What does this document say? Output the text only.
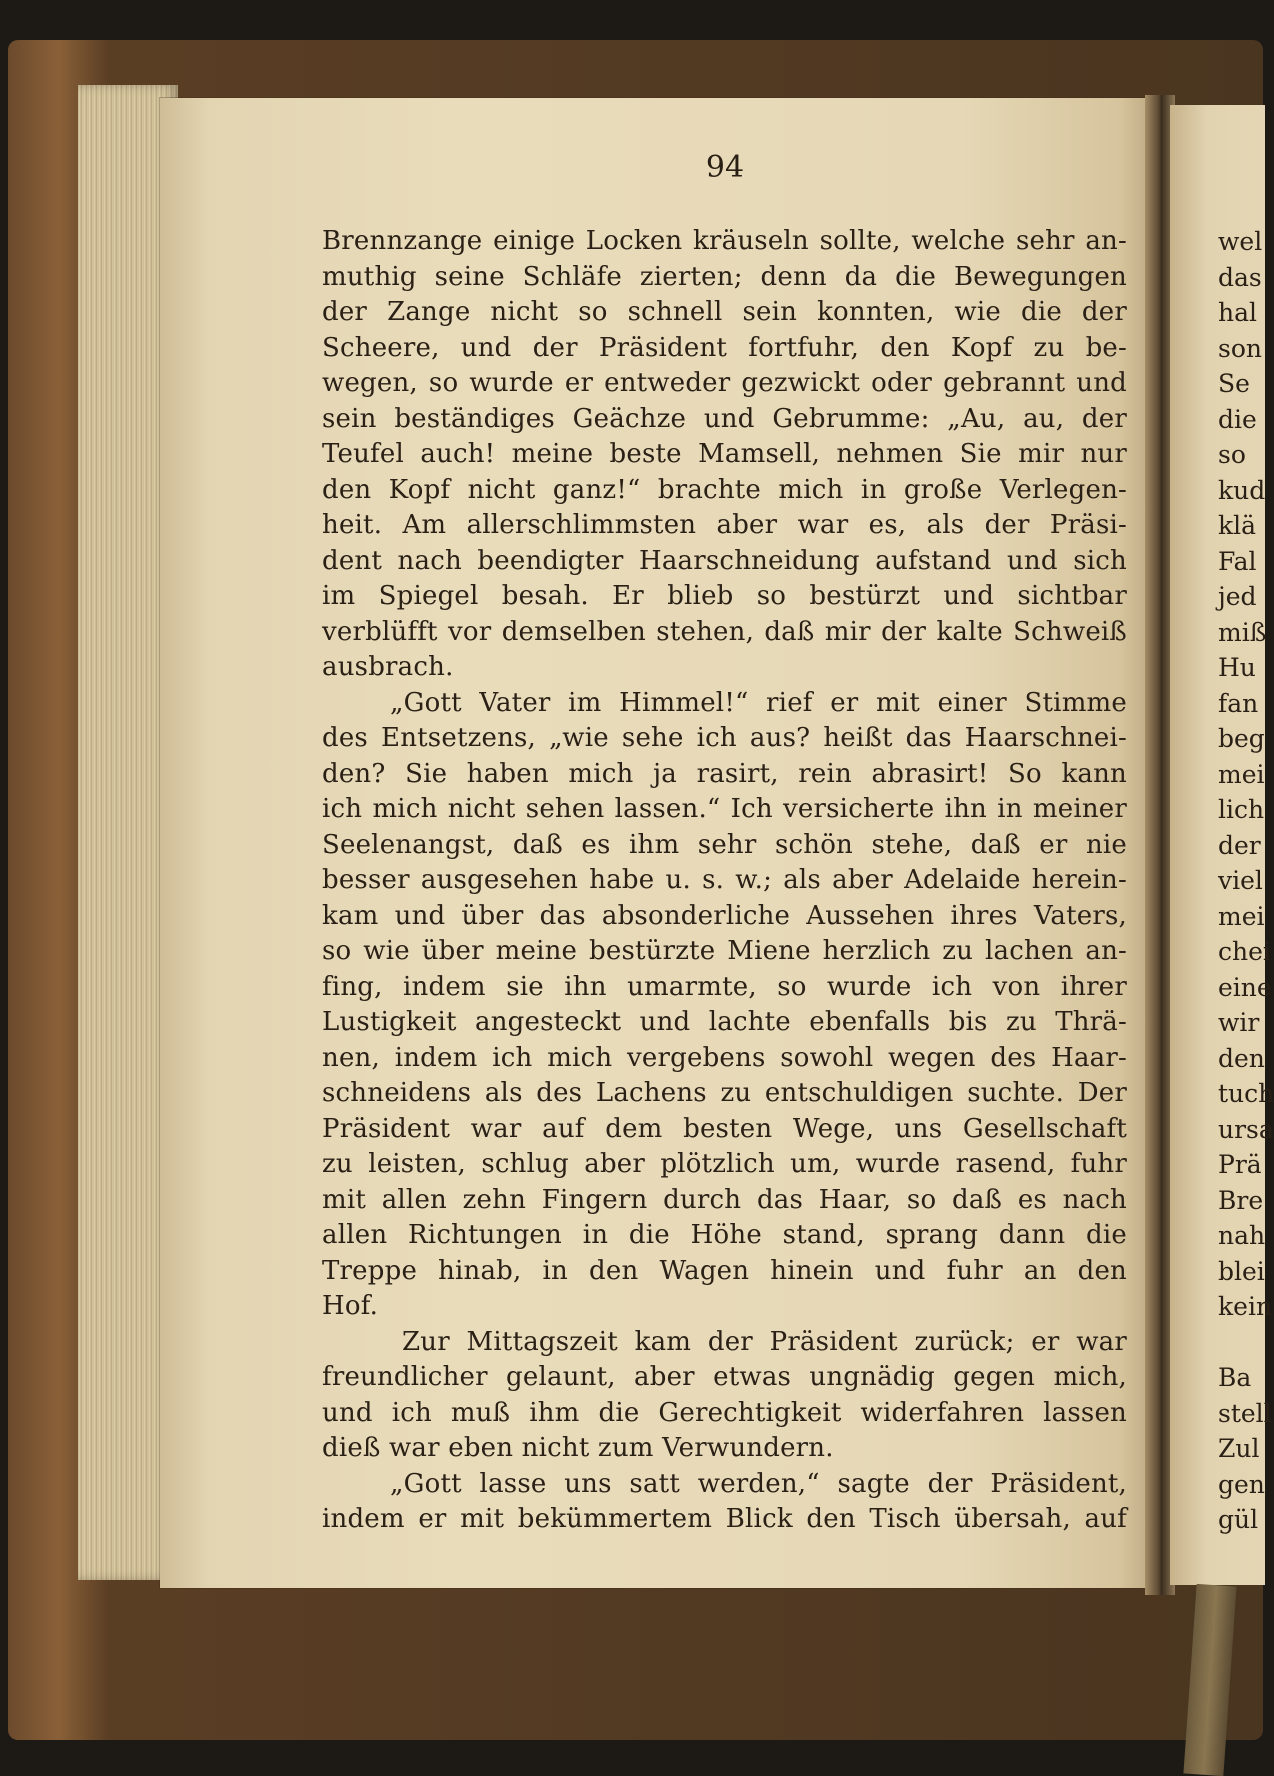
wel
das
hal
son
Se
die
so
kud
klä
Fal
jed
miß
Hu
fan
beg
mei
lich
der
viel
mei
chei
eine
wir
den
tuch
ursa
Prä
Bre
nah
blei
kein
Ba
stell
Zul
gen
gül
94
Brennzange einige Locken kräuseln sollte, welche sehr an-
muthig seine Schläfe zierten; denn da die Bewegungen
der Zange nicht so schnell sein konnten, wie die der
Scheere, und der Präsident fortfuhr, den Kopf zu be-
wegen, so wurde er entweder gezwickt oder gebrannt und
sein beständiges Geächze und Gebrumme: „Au, au, der
Teufel auch! meine beste Mamsell, nehmen Sie mir nur
den Kopf nicht ganz!“ brachte mich in große Verlegen-
heit. Am allerschlimmsten aber war es, als der Präsi-
dent nach beendigter Haarschneidung aufstand und sich
im Spiegel besah. Er blieb so bestürzt und sichtbar
verblüfft vor demselben stehen, daß mir der kalte Schweiß
ausbrach.
„Gott Vater im Himmel!“ rief er mit einer Stimme
des Entsetzens, „wie sehe ich aus? heißt das Haarschnei-
den? Sie haben mich ja rasirt, rein abrasirt! So kann
ich mich nicht sehen lassen.“ Ich versicherte ihn in meiner
Seelenangst, daß es ihm sehr schön stehe, daß er nie
besser ausgesehen habe u. s. w.; als aber Adelaide herein-
kam und über das absonderliche Aussehen ihres Vaters,
so wie über meine bestürzte Miene herzlich zu lachen an-
fing, indem sie ihn umarmte, so wurde ich von ihrer
Lustigkeit angesteckt und lachte ebenfalls bis zu Thrä-
nen, indem ich mich vergebens sowohl wegen des Haar-
schneidens als des Lachens zu entschuldigen suchte. Der
Präsident war auf dem besten Wege, uns Gesellschaft
zu leisten, schlug aber plötzlich um, wurde rasend, fuhr
mit allen zehn Fingern durch das Haar, so daß es nach
allen Richtungen in die Höhe stand, sprang dann die
Treppe hinab, in den Wagen hinein und fuhr an den
Hof.
Zur Mittagszeit kam der Präsident zurück; er war
freundlicher gelaunt, aber etwas ungnädig gegen mich,
und ich muß ihm die Gerechtigkeit widerfahren lassen
dieß war eben nicht zum Verwundern.
„Gott lasse uns satt werden,“ sagte der Präsident,
indem er mit bekümmertem Blick den Tisch übersah, auf
